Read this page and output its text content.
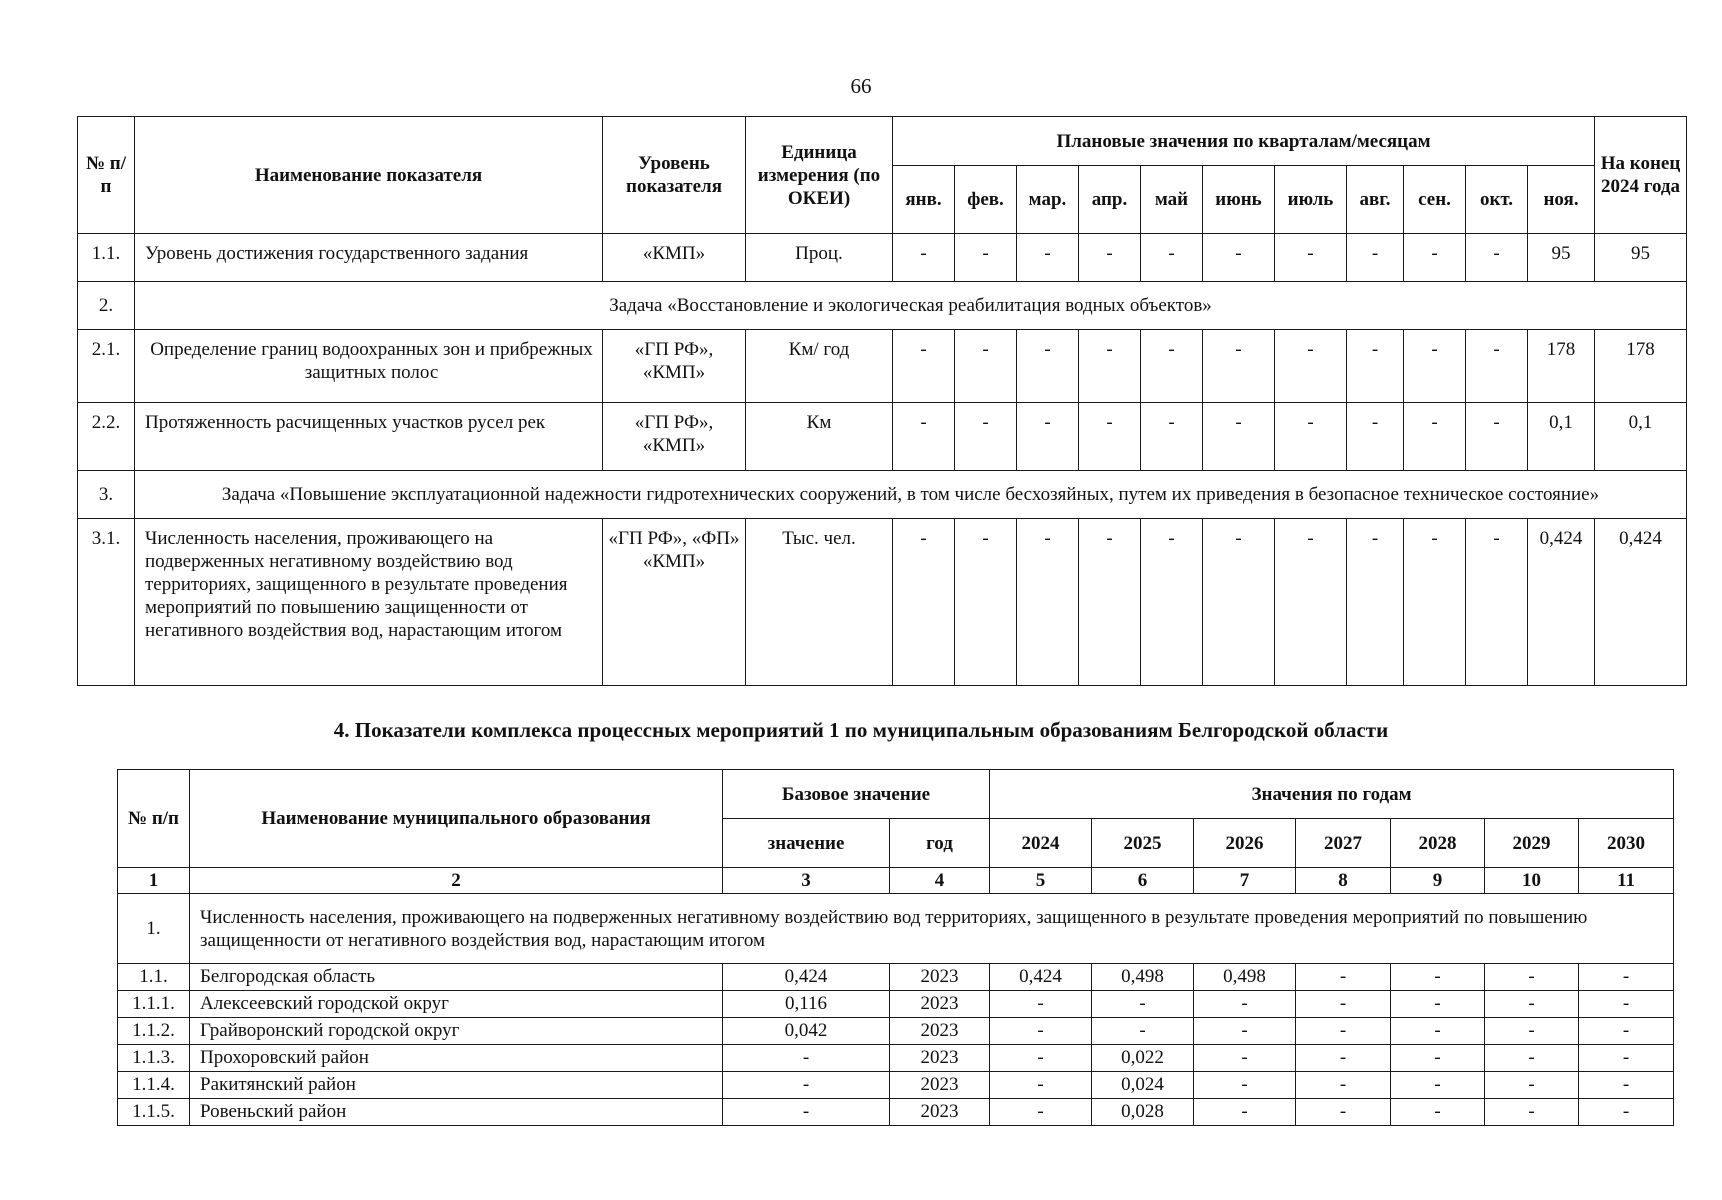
66
№ п/п	Наименование показателя	Уровень показателя	Единица измерения (по ОКЕИ)	Плановые значения по кварталам/месяцам											На конец 2024 года
				янв.	фев.	мар.	апр.	май	июнь	июль	авг.	сен.	окт.	ноя.	
1.1.	Уровень достижения государственного задания	«КМП»	Проц.	-	-	-	-	-	-	-	-	-	-	95	95
2.	Задача «Восстановление и экологическая реабилитация водных объектов»														
2.1.	Определение границ водоохранных зон и прибрежных защитных полос	«ГП РФ», «КМП»	Км/ год	-	-	-	-	-	-	-	-	-	-	178	178
2.2.	Протяженность расчищенных участков русел рек	«ГП РФ», «КМП»	Км	-	-	-	-	-	-	-	-	-	-	0,1	0,1
3.	Задача «Повышение эксплуатационной надежности гидротехнических сооружений, в том числе бесхозяйных, путем их приведения в безопасное техническое состояние»														
3.1.	Численность населения, проживающего на подверженных негативному воздействию вод территориях, защищенного в результате проведения мероприятий по повышению защищенности от негативного воздействия вод, нарастающим итогом	«ГП РФ», «ФП» «КМП»	Тыс. чел.	-	-	-	-	-	-	-	-	-	-	0,424	0,424
4. Показатели комплекса процессных мероприятий 1 по муниципальным образованиям Белгородской области
№ п/п	Наименование муниципального образования	Базовое значение		Значения по годам						
		значение	год	2024	2025	2026	2027	2028	2029	2030
1	2	3	4	5	6	7	8	9	10	11
1.	Численность населения, проживающего на подверженных негативному воздействию вод территориях, защищенного в результате проведения мероприятий по повышению защищенности от негативного воздействия вод, нарастающим итогом									
1.1.	Белгородская область	0,424	2023	0,424	0,498	0,498	-	-	-	-
1.1.1.	Алексеевский городской округ	0,116	2023	-	-	-	-	-	-	-
1.1.2.	Грайворонский городской округ	0,042	2023	-	-	-	-	-	-	-
1.1.3.	Прохоровский район	-	2023	-	0,022	-	-	-	-	-
1.1.4.	Ракитянский район	-	2023	-	0,024	-	-	-	-	-
1.1.5.	Ровеньский район	-	2023	-	0,028	-	-	-	-	-
